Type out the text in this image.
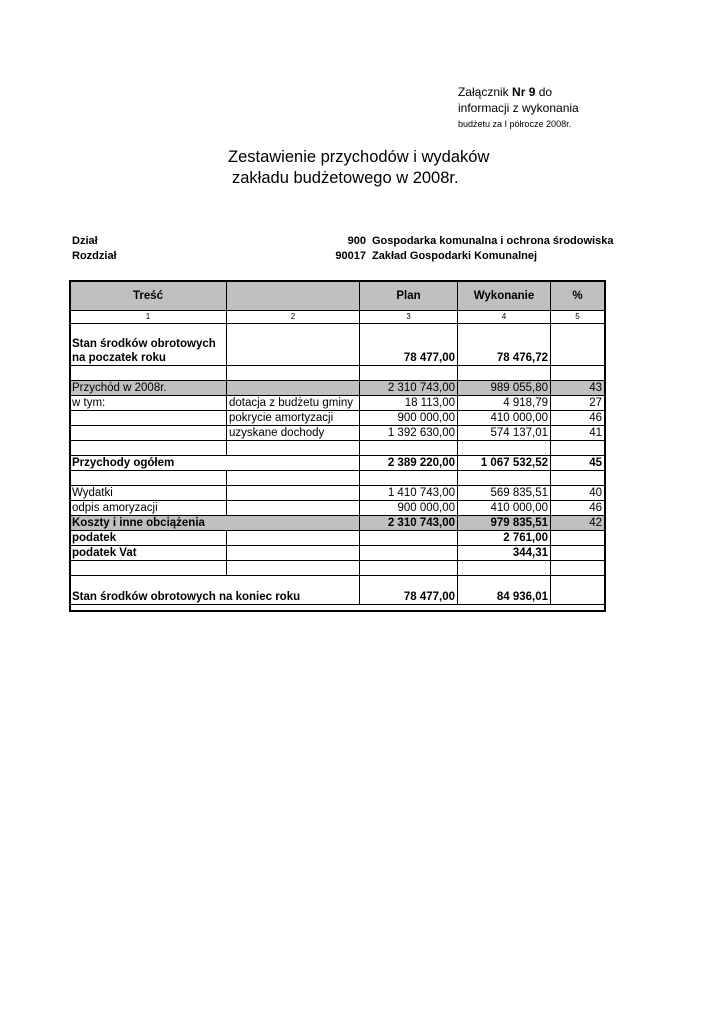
Załącznik Nr 9 do
informacji z wykonania
budżetu za I półrocze 2008r.
Zestawienie przychodów i wydaków
zakładu budżetowego w 2008r.
Dział	900 Gospodarka komunalna i ochrona środowiska
Rozdział	90017 Zakład Gospodarki Komunalnej
Treść		Plan	Wykonanie	%
1	2	3	4	5

Stan środków obrotowych
na poczatek roku		78 477,00	78 476,72	

Przychód w 2008r.		2 310 743,00	989 055,80	43
w tym:	dotacja z budżetu gminy	18 113,00	4 918,79	27
	pokrycie amortyzacji	900 000,00	410 000,00	46
	uzyskane dochody	1 392 630,00	574 137,01	41

Przychody ogółem		2 389 220,00	1 067 532,52	45

Wydatki		1 410 743,00	569 835,51	40
odpis amoryzacji		900 000,00	410 000,00	46
Koszty i inne obciążenia		2 310 743,00	979 835,51	42
podatek			2 761,00	
podatek Vat			344,31	

Stan środków obrotowych na koniec roku		78 477,00	84 936,01	
